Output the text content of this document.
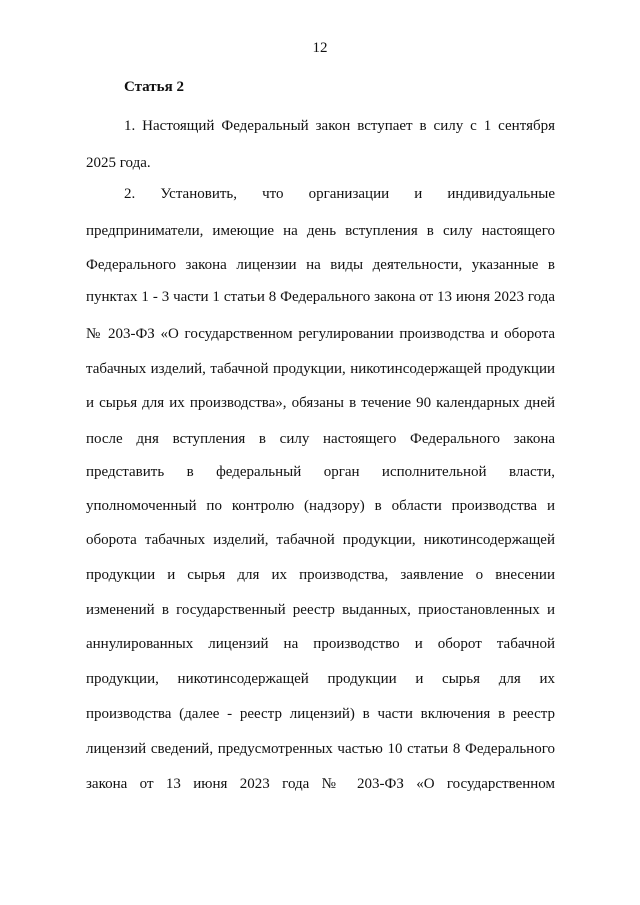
12
Статья 2
1. Настоящий Федеральный закон вступает в силу с 1 сентября
2025 года.
2. Установить, что организации и индивидуальные
предприниматели, имеющие на день вступления в силу настоящего
Федерального закона лицензии на виды деятельности, указанные в
пунктах 1 - 3 части 1 статьи 8 Федерального закона от 13 июня 2023 года
№ 203-ФЗ «О государственном регулировании производства и оборота
табачных изделий, табачной продукции, никотинсодержащей продукции
и сырья для их производства», обязаны в течение 90 календарных дней
после дня вступления в силу настоящего Федерального закона
представить в федеральный орган исполнительной власти,
уполномоченный по контролю (надзору) в области производства и
оборота табачных изделий, табачной продукции, никотинсодержащей
продукции и сырья для их производства, заявление о внесении
изменений в государственный реестр выданных, приостановленных и
аннулированных лицензий на производство и оборот табачной
продукции, никотинсодержащей продукции и сырья для их
производства (далее - реестр лицензий) в части включения в реестр
лицензий сведений, предусмотренных частью 10 статьи 8 Федерального
закона от 13 июня 2023 года № 203-ФЗ «О государственном
